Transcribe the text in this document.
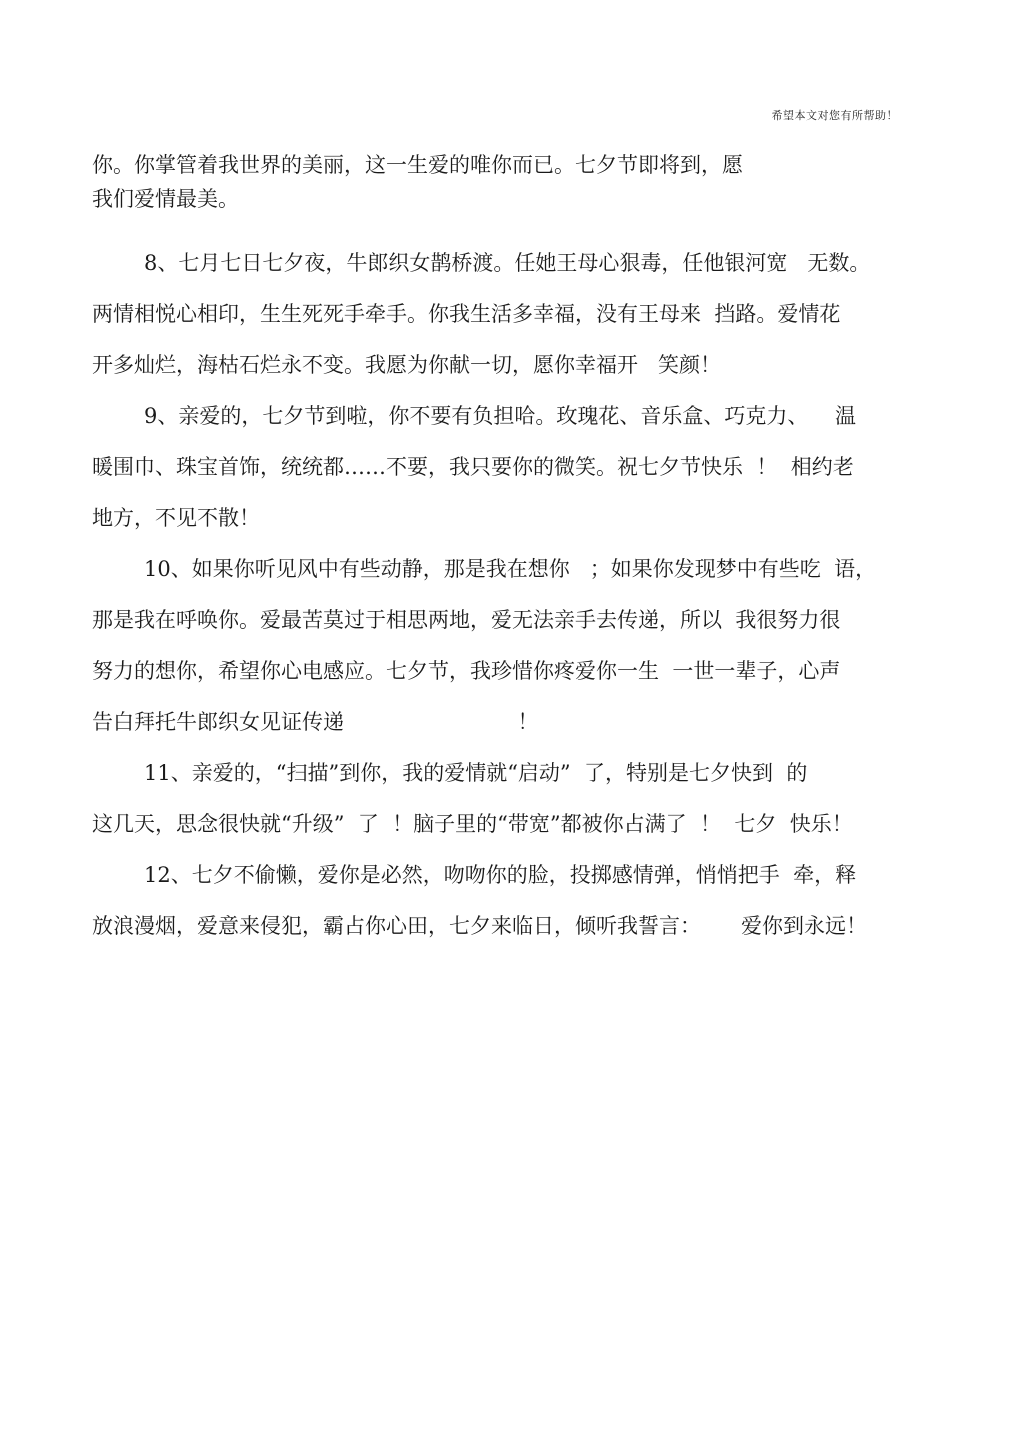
希望本文对您有所帮助！
你。你掌管着我世界的美丽，这一生爱的唯你而已。七夕节即将到，愿
我们爱情最美。
8、七月七日七夕夜，牛郎织女鹊桥渡。任她王母心狠毒，任他银河宽   无数。
两情相悦心相印，生生死死手牵手。你我生活多幸福，没有王母来  挡路。爱情花
开多灿烂，海枯石烂永不变。我愿为你献一切，愿你幸福开   笑颜！
9、亲爱的，七夕节到啦，你不要有负担哈。玫瑰花、音乐盒、巧克力、    温
暖围巾、珠宝首饰，统统都……不要，我只要你的微笑。祝七夕节快乐  ！  相约老
地方，不见不散！
10、如果你听见风中有些动静，那是我在想你   ；如果你发现梦中有些吃  语，
那是我在呼唤你。爱最苦莫过于相思两地，爱无法亲手去传递，所以  我很努力很
努力的想你，希望你心电感应。七夕节，我珍惜你疼爱你一生  一世一辈子，心声
告白拜托牛郎织女见证传递                          ！
11、亲爱的，“扫描”到你，我的爱情就“启动”  了，特别是七夕快到  的
这几天，思念很快就“升级”  了  ！脑子里的“带宽”都被你占满了  ！  七夕  快乐！
12、七夕不偷懒，爱你是必然，吻吻你的脸，投掷感情弹，悄悄把手  牵，释
放浪漫烟，爱意来侵犯，霸占你心田，七夕来临日，倾听我誓言：      爱你到永远！
